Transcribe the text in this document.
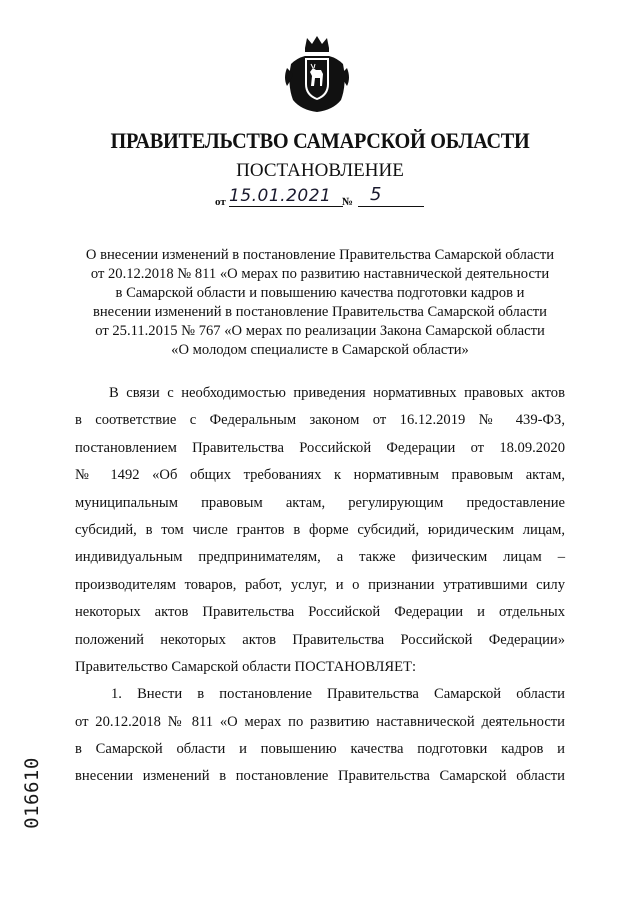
ПРАВИТЕЛЬСТВО САМАРСКОЙ ОБЛАСТИ
ПОСТАНОВЛЕНИЕ
от 15.01.2021 № 5
О внесении изменений в постановление Правительства Самарской области
от 20.12.2018 № 811 «О мерах по развитию наставнической деятельности
в Самарской области и повышению качества подготовки кадров и
внесении изменений в постановление Правительства Самарской области
от 25.11.2015 № 767 «О мерах по реализации Закона Самарской области
«О молодом специалисте в Самарской области»
В связи с необходимостью приведения нормативных правовых актов
в соответствие с Федеральным законом от 16.12.2019 № 439-ФЗ,
постановлением Правительства Российской Федерации от 18.09.2020
№ 1492 «Об общих требованиях к нормативным правовым актам,
муниципальным правовым актам, регулирующим предоставление
субсидий, в том числе грантов в форме субсидий, юридическим лицам,
индивидуальным предпринимателям, а также физическим лицам –
производителям товаров, работ, услуг, и о признании утратившими силу
некоторых актов Правительства Российской Федерации и отдельных
положений некоторых актов Правительства Российской Федерации»
Правительство Самарской области ПОСТАНОВЛЯЕТ:
1. Внести в постановление Правительства Самарской области
от 20.12.2018 № 811 «О мерах по развитию наставнической деятельности
в Самарской области и повышению качества подготовки кадров и
внесении изменений в постановление Правительства Самарской области
016610
